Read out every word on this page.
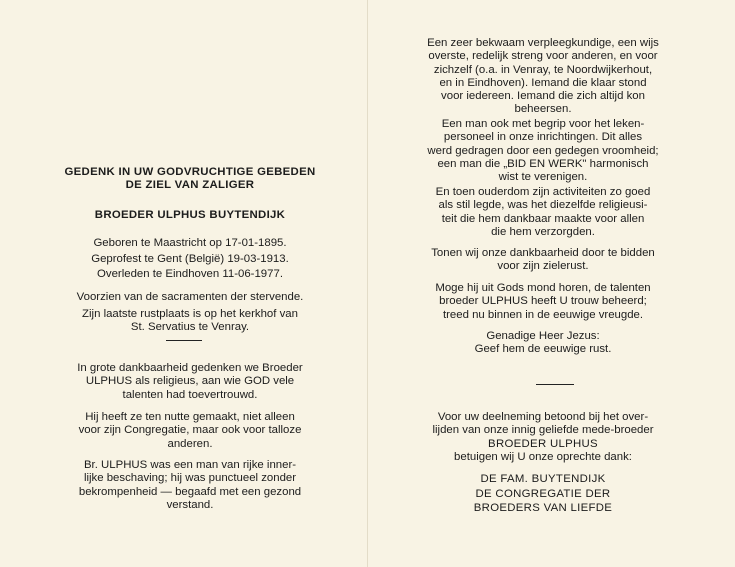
GEDENK IN UW GODVRUCHTIGE GEBEDEN

DE ZIEL VAN ZALIGER

BROEDER ULPHUS BUYTENDIJK

Geboren te Maastricht op 17-01-1895.

Geprofest te Gent (België) 19-03-1913.

Overleden te Eindhoven 11-06-1977.

Voorzien van de sacramenten der stervende.

Zijn laatste rustplaats is op het kerkhof van

St. Servatius te Venray.

In grote dankbaarheid gedenken we Broeder

ULPHUS als religieus, aan wie GOD vele

talenten had toevertrouwd.

Hij heeft ze ten nutte gemaakt, niet alleen

voor zijn Congregatie, maar ook voor talloze

anderen.

Br. ULPHUS was een man van rijke inner-

lijke beschaving; hij was punctueel zonder

bekrompenheid — begaafd met een gezond

verstand.

Een zeer bekwaam verpleegkundige, een wijs

overste, redelijk streng voor anderen, en voor

zichzelf (o.a. in Venray, te Noordwijkerhout,

en in Eindhoven). Iemand die klaar stond

voor iedereen. Iemand die zich altijd kon

beheersen.

Een man ook met begrip voor het leken-

personeel in onze inrichtingen. Dit alles

werd gedragen door een gedegen vroomheid;

een man die „BID EN WERK" harmonisch

wist te verenigen.

En toen ouderdom zijn activiteiten zo goed

als stil legde, was het diezelfde religieusi-

teit die hem dankbaar maakte voor allen

die hem verzorgden.

Tonen wij onze dankbaarheid door te bidden

voor zijn zielerust.

Moge hij uit Gods mond horen, de talenten

broeder ULPHUS heeft U trouw beheerd;

treed nu binnen in de eeuwige vreugde.

Genadige Heer Jezus:

Geef hem de eeuwige rust.

Voor uw deelneming betoond bij het over-

lijden van onze innig geliefde mede-broeder

BROEDER ULPHUS

betuigen wij U onze oprechte dank:

DE FAM. BUYTENDIJK

DE CONGREGATIE DER

BROEDERS VAN LIEFDE
